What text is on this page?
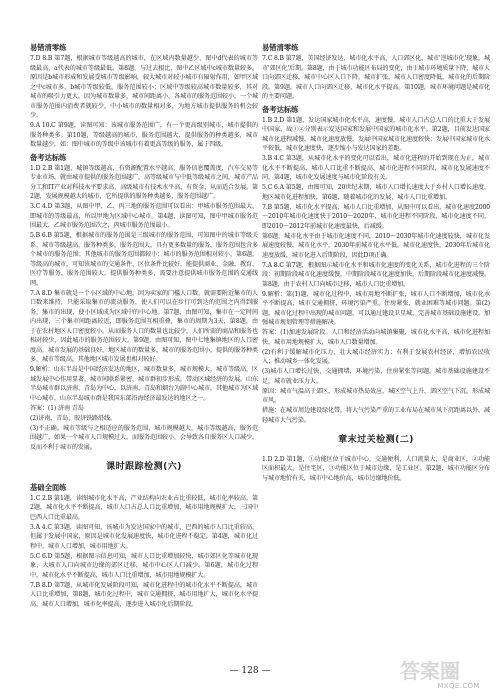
易错清零练
7.D 8.B 第7题，根据城市等级越高的城市，在区域内数量越少，图中d代表的城市等级最高，a代表的城市等级最低。第8题，与过去相比，图中乙区域中c城市数量较多，原因是b城市形成和发展受城市等级影响，较大城市对较小城市有辐射作用，如甲区域之中c城市多，b城市等级较低，服务范围较小；区域中等级较高城市数量较多，其对城市的吸引力更大，因为城市数量多，城市间距离小，各城市的服务范围较小，一个城市服务范围内消费者就较少，中小城市的数量相对多，为地方城市提供服务的机会较少。
9.A 10.C 第9题，读图可知：该城市服务范围广，有一个更高级别城市，城市提供的服务种类多。第10题，等级越高的城市，服务范围越大，提供服务的种类越多，城市数量越少，如：图中城市的等级中该城市有着更高等级的服务，属于四级。
备考达标练
1.D 2.B 第1题，城镇等级越高，有资源配置水平越高，服务信息覆盖度，汽车交易等专业市场，就由城市提供的服务范围越广，高等级城市与中低等级城市之间，城市产品分工和IT产业对科技水平要求高，高级城市有技术水平高、有资金，从而适合发展。第2题，发展规模越大的城市，它所提供的服务种类越多，服务范围越广。
3.C 4.D 第3题，从图中甲、乙、丙三地的服务范围可以看出：甲城市服务范围最大，即城市的等级最高，所以甲地为区域中心城市。第4题，读图可知，图中甲城市服务范围最大，乙城市服务范围次之，丙城市服务范围最小。
5.B 6.B 第5题，根据城市的服务范围是三级城市的服务范围，可知图中的城市等级关系，城市等级越高，服务种类多，服务范围大，具有更多数量的服务，服务范围包含多个城市的服务范围；其他城市的服务范围都较小；城市的服务范围相对较小，第6题，等级高的城市，可知该城市的交通条件、区位条件比较好，能提供商业、金融、教育、医疗等服务，服务范围较大，提供服务种类多，需要注意提供城市服务范围的交通线网。
7.A 8.D 集市就是一个小区域的中心地。因为卖家的门槛人口数，就需要附近集市的人口数来维持，只能采取集市的流动服务，使人们可以在步行可到达的范围之内得到服务，集市的出现，使小区域成为区域中的中心地。第7题，由图可知，集市在一定时间内出现，三个集市间距离较近，即服务范围互相重叠，集市的周期为3天，第8题，由于在农村地区人口密度较小，从而服务人口的数量也比较少，人们所需的商品和服务也相对较少，因此城市的服务范围较大。第9题，由图可知，图中七地集镇地区的人口密度高，城市发展的基础良好，地区城市的数量多，城市的服务范围小，提供的服务种类多，城市等级高，其他地区城市发展也相对较好。
9.解析：山东半岛是中国经济发达的地区，城市数量多，城市规模大，城市等级高，区域发展中心作用显著，城市间联系紧密，城市群初步形成，带动区域经济的发展。山东半岛城市群以济南、青岛为中心，以济南、青岛和烟台为副中心城市，其他城市为区域中心城市。山东半岛城市群是我国东部沿海经济最发达的地区之一。
答案：(1) 济南 青岛
(2)济南、青岛，胶济铁路沿线。
(3)不正确。城市等级与之相适应的服务范围，城市规模越大，城市等级越高，服务范围越广，如果一个城市人口规模过大，而服务范围较小，会导致各自服务区人口减少，反而不利于城市的发展。
课时跟踪检测(六)
基础全面练
1.C 2.B 第1题，读图城市化水平高，产业结构向农业占比重较低，城市化率较高。第2题，城市化水平不断提高，城市人口占总人口比重增加，城市用地规模扩大，三国中巴西人口比重最高。
3.A 4.C 第3题，读图可知，该城市为发达国家中的城市，巴西的城市人口比重较高，但属于发展中国家，原因是城市化发展速度快，城市化进程不稳定。第4题，城市化过程中，城市人口增加，城市用地扩大。
5.C 6.D 第5题，根据图示信息可知，城市人口比重增加较快，城市郊区化等城市化现象，大城市人口向城市边缘的郊区迁移，城市中心区人口减少。第6题，城市化过程中，城市化水平不断提高，城市人口比重增加，城市用地规模扩大。
7.B 8.D 第7题，从城市化发展阶段可知，城市化进程中的城市化水平不断提高，城市人口比重增加，第8题，城市化过程中，城市交通拥挤，城市用地扩大，城市化水平提高，城市人口增加，城市化率提高，逐步进入城市化后期阶段。
易错清零练
7.C 8.B 第7题，美国经济发达，城市化水平高，人口郊区化，城市'逆城市化'现象，城市'郊区化'后期。第8题，由于城市功能区布局的变化，由于城市环境质量下降，城市人口向郊区迁移，城市中心区人口下降，城市扩张，城市人口密度降低，城市化的后期阶段。第9题，城市人口向郊区迁移，城市化水平提高。第10题，城市环境问题是城市化的主要问题。
备考达标练
1.B 2.D 第1题，发达国家城市化水平高，速度慢，城市人口占总人口的比重大于发展中国家，故①②分别表示发达国家和发展中国家的城市化水平。第2题，目前发达国家城市化进程减慢，城市化速度放慢，发展中国家城市化速度较快；发展中国家城市化水平较低，城市化速度快，逐步缩小与发达国家的差距。
3.B 4.C 第3题，从城市化水平的变化可以看出，城市化进程的开始到现在为止，城市化水平不断提高，城市人口比重不断提高，城市化进程不同阶段，城市化发展速度不同。第4题，城市化发展速度与城市化阶段有关。
5.C 6.A 第5题，由图可知，20世纪末期，城市人口增长速度大于乡村人口增长速度，地区城市化进程加快，第6题，随着城市化的发展，城市人口比重增加。
7.B 第5题，城市化水平提高，城市人口比重增加，从图中可以看出，城市化速度2000～2010年城市化速度快于2010～2020年，城市化进程不同阶段，城市化速度不同，即2010～2012年前城市化速度最快，后减缓。
第6题，城市化水平由于城市化速度不同，2010～2030年城市化速度较快，城市化发展速度较慢，城市化水平，2030年前城市化水平低，城市化速度快，2030年后城市化速度放缓，城市化进入后期阶段，因此D项正确。
7.A 8.C 第7题，根据图示城市化水平和城市化速度的变化关系，城市化进程的三个阶段：初期阶段城市化速度缓慢，中期阶段城市化速度加快，后期阶段城市化速度减慢。第8题，由于农村人口向城市迁移，城市人口比重增加。
9.解析：第(1)题，城市化过程中，城市用地不断扩张，城市人口不断增加，城市化水平不断提高，城市交通拥挤，环境污染严重，住房紧张，就业困难等城市问题。第(2)题，城市化过程中出现的城市问题，可以通过建设卫星城，完善城市基础设施建设，加强城市规划管理等措施解决。
答案：(1)加速发展阶段。人口和经济活动向城镇集聚，城市化水平高，城市化进程加快，城市用地规模扩大，城市人口数量增加。
(2)有利于缓解城市化压力，壮大城市经济实力；有利于发展农村经济，增加农民收入；推动城乡一体化发展。
(3)城市人口增长过快，交通拥堵，环境污染，住房紧张等问题。城市基础设施建设不足，城市就业压力大。
原因：城市气温高于郊区，形成城市热岛效应，城区空气上升，郊区空气下沉，形成城市风。
措施：在城市周边建设绿化带，将大气污染严重的工业布局在城市风下沉距离以外，减轻城市大气污染。
章末过关检测(二)
1.D 2.D 第1题，①功能区位于城市中心，交通便利，人口流量大，是商业区，②功能区面积最大，是住宅区，③功能区位于城市边缘，是工业区。第2题，城市功能区分布与城市地价有关，城市中心地价高，城市边缘地价低。
— 128 —	答案圈
MXQE.COM
